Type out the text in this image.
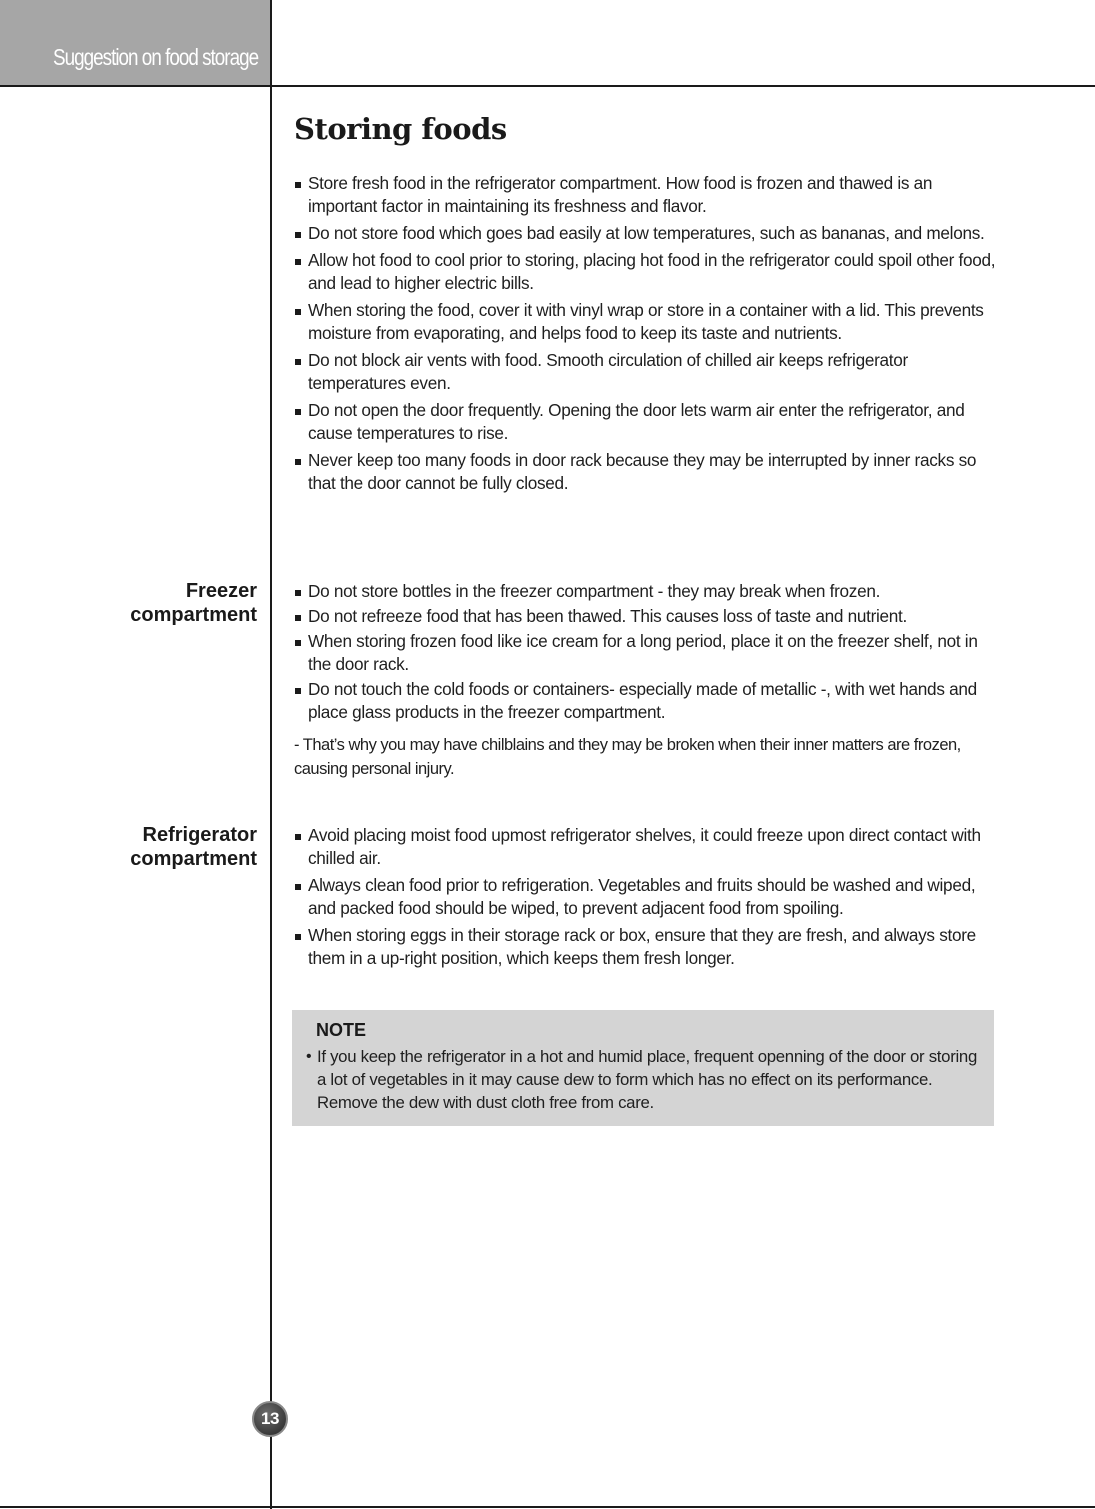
Suggestion on food storage
Storing foods
Store fresh food in the refrigerator compartment. How food is frozen and thawed is an important factor in maintaining its freshness and flavor.
Do not store food which goes bad easily at low temperatures, such as bananas, and melons.
Allow hot food to cool prior to storing, placing hot food in the refrigerator could spoil other food, and lead to higher electric bills.
When storing the food, cover it with vinyl wrap or store in a container with a lid. This prevents moisture from evaporating, and helps food to keep its taste and nutrients.
Do not block air vents with food. Smooth circulation of chilled air keeps refrigerator temperatures even.
Do not open the door frequently. Opening the door lets warm air enter the refrigerator, and cause temperatures to rise.
Never keep too many foods in door rack because they may be interrupted by inner racks so that the door cannot be fully closed.
Freezer
compartment
Do not store bottles in the freezer compartment - they may break when frozen.
Do not refreeze food that has been thawed. This causes loss of taste and nutrient.
When storing frozen food like ice cream for a long period, place it on the freezer shelf, not in the door rack.
Do not touch the cold foods or containers- especially made of metallic -, with wet hands and place glass products in the freezer compartment.

- That’s why you may have chilblains and they may be broken when their inner matters are frozen, causing personal injury.

Refrigerator
compartment
Avoid placing moist food upmost refrigerator shelves, it could freeze upon direct contact with chilled air.
Always clean food prior to refrigeration. Vegetables and fruits should be washed and wiped, and packed food should be wiped, to prevent adjacent food from spoiling.
When storing eggs in their storage rack or box, ensure that they are fresh, and always store them in a up-right position, which keeps them fresh longer.
NOTE

• If you keep the refrigerator in a hot and humid place, frequent openning of the door or storing a lot of vegetables in it may cause dew to form which has no effect on its performance. Remove the dew with dust cloth free from care.

13
